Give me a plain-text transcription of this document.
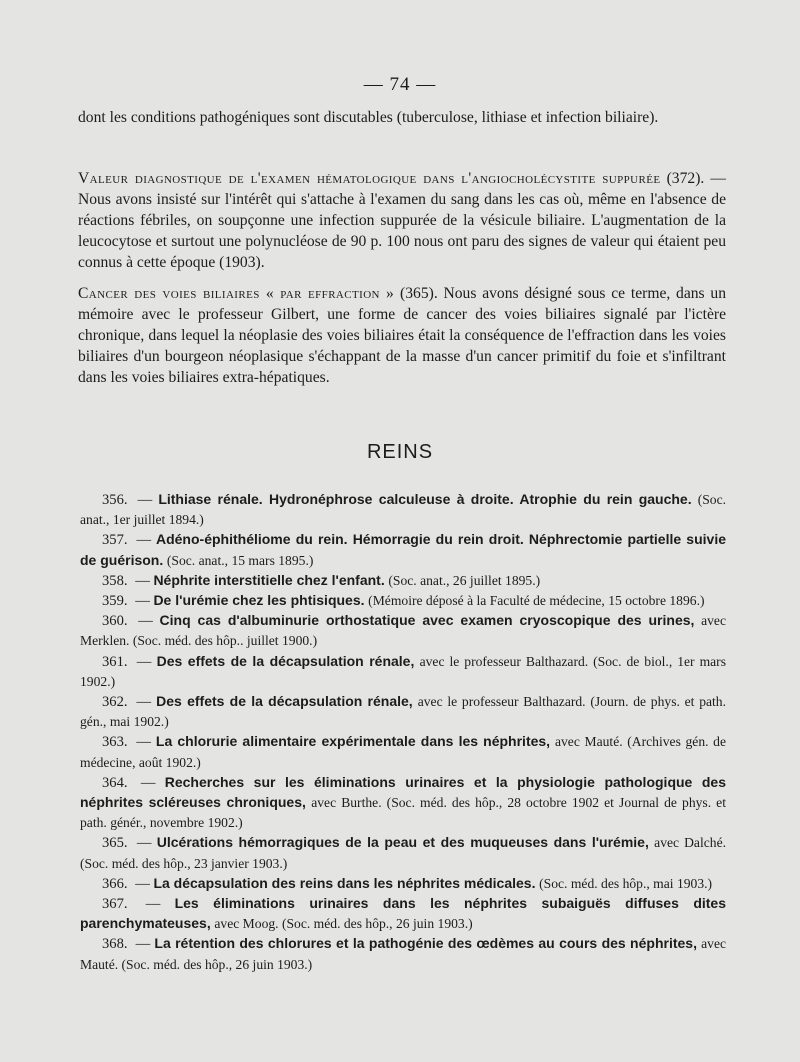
— 74 —
dont les conditions pathogéniques sont discutables (tuberculose, lithiase et infection biliaire).
Valeur diagnostique de l'examen hématologique dans l'angiocholécystite suppurée (372). — Nous avons insisté sur l'intérêt qui s'attache à l'examen du sang dans les cas où, même en l'absence de réactions fébriles, on soupçonne une infection suppurée de la vésicule biliaire. L'augmentation de la leucocytose et surtout une polynucléose de 90 p. 100 nous ont paru des signes de valeur qui étaient peu connus à cette époque (1903).
Cancer des voies biliaires « par effraction » (365). Nous avons désigné sous ce terme, dans un mémoire avec le professeur Gilbert, une forme de cancer des voies biliaires signalé par l'ictère chronique, dans lequel la néoplasie des voies biliaires était la conséquence de l'effraction dans les voies biliaires d'un bourgeon néoplasique s'échappant de la masse d'un cancer primitif du foie et s'infiltrant dans les voies biliaires extra-hépatiques.
REINS
356. — Lithiase rénale. Hydronéphrose calculeuse à droite. Atrophie du rein gauche. (Soc. anat., 1er juillet 1894.)
357. — Adéno-éphithéliome du rein. Hémorragie du rein droit. Néphrectomie partielle suivie de guérison. (Soc. anat., 15 mars 1895.)
358. — Néphrite interstitielle chez l'enfant. (Soc. anat., 26 juillet 1895.)
359. — De l'urémie chez les phtisiques. (Mémoire déposé à la Faculté de médecine, 15 octobre 1896.)
360. — Cinq cas d'albuminurie orthostatique avec examen cryoscopique des urines, avec Merklen. (Soc. méd. des hôp.. juillet 1900.)
361. — Des effets de la décapsulation rénale, avec le professeur Balthazard. (Soc. de biol., 1er mars 1902.)
362. — Des effets de la décapsulation rénale, avec le professeur Balthazard. (Journ. de phys. et path. gén., mai 1902.)
363. — La chlorurie alimentaire expérimentale dans les néphrites, avec Mauté. (Archives gén. de médecine, août 1902.)
364. — Recherches sur les éliminations urinaires et la physiologie pathologique des néphrites scléreuses chroniques, avec Burthe. (Soc. méd. des hôp., 28 octobre 1902 et Journal de phys. et path. génér., novembre 1902.)
365. — Ulcérations hémorragiques de la peau et des muqueuses dans l'urémie, avec Dalché. (Soc. méd. des hôp., 23 janvier 1903.)
366. — La décapsulation des reins dans les néphrites médicales. (Soc. méd. des hôp., mai 1903.)
367. — Les éliminations urinaires dans les néphrites subaiguës diffuses dites parenchymateuses, avec Moog. (Soc. méd. des hôp., 26 juin 1903.)
368. — La rétention des chlorures et la pathogénie des œdèmes au cours des néphrites, avec Mauté. (Soc. méd. des hôp., 26 juin 1903.)
